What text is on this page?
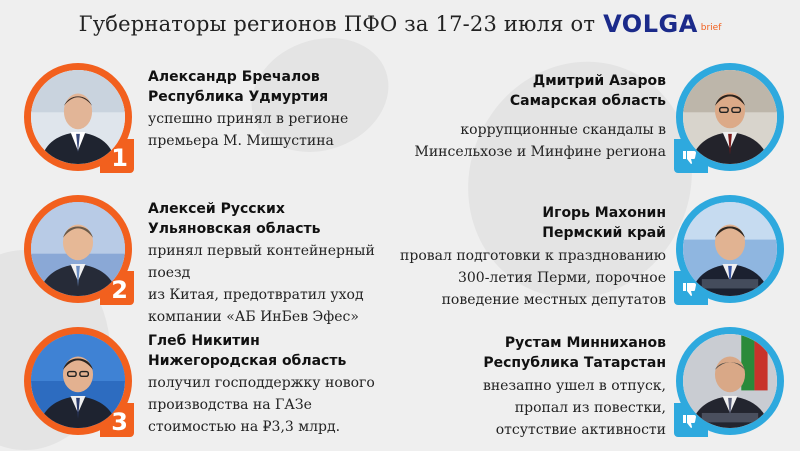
Губернаторы регионов ПФО за 17-23 июля от VOLGA brief
1
Александр Бречалов
Республика Удмуртия
успешно принял в регионе
премьера М. Мишустина
2
Алексей Русских
Ульяновская область
принял первый контейнерный поезд
из Китая, предотвратил уход
компании «АБ ИнБев Эфес»
3
Глеб Никитин
Нижегородская область
получил господдержку нового
производства на ГАЗе
стоимостью на ₽3,3 млрд.
Дмитрий Азаров
Самарская область
коррупционные скандалы в
Минсельхозе и Минфине региона
Игорь Махонин
Пермский край
провал подготовки к празднованию
300-летия Перми, порочное
поведение местных депутатов
Рустам Минниханов
Республика Татарстан
внезапно ушел в отпуск,
пропал из повестки,
отсутствие активности
